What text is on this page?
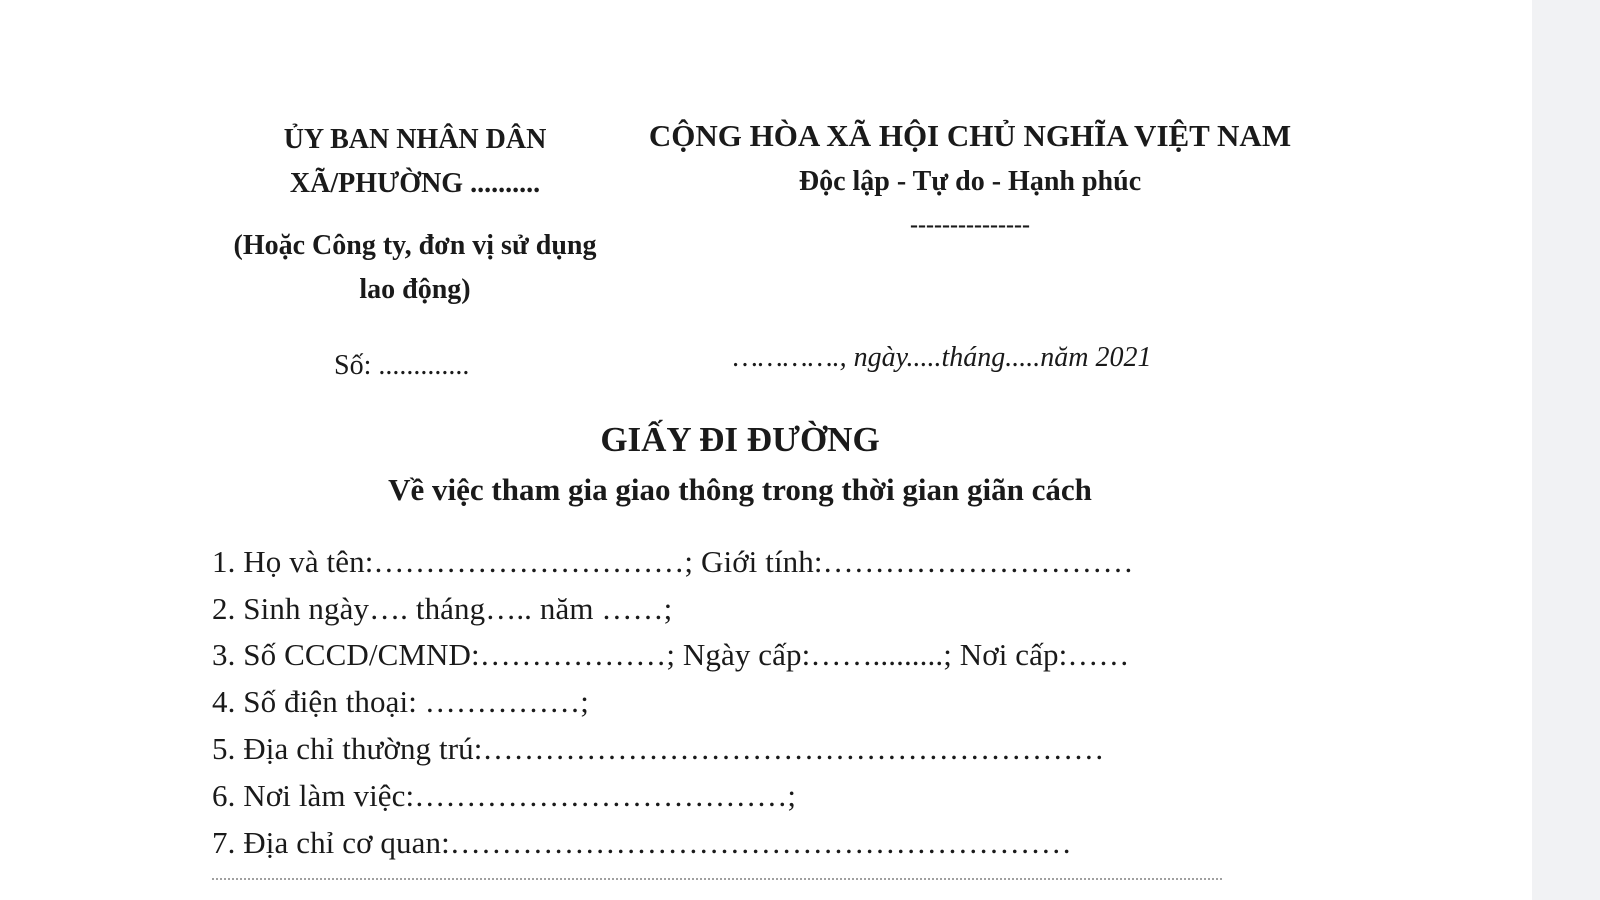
ỦY BAN NHÂN DÂN
XÃ/PHƯỜNG ..........
(Hoặc Công ty, đơn vị sử dụng
lao động)
Số: .............
CỘNG HÒA XÃ HỘI CHỦ NGHĨA VIỆT NAM
Độc lập - Tự do - Hạnh phúc
---------------
…………., ngày.....tháng.....năm 2021
GIẤY ĐI ĐƯỜNG
Về việc tham gia giao thông trong thời gian giãn cách
1. Họ và tên:…………………………; Giới tính:…………………………
2. Sinh ngày…. tháng….. năm ……;
3. Số CCCD/CMND:………………; Ngày cấp:…….........; Nơi cấp:……
4. Số điện thoại: ……………;
5. Địa chỉ thường trú:……………………………………………………
6. Nơi làm việc:………………………………;
7. Địa chỉ cơ quan:……………………………………………………
